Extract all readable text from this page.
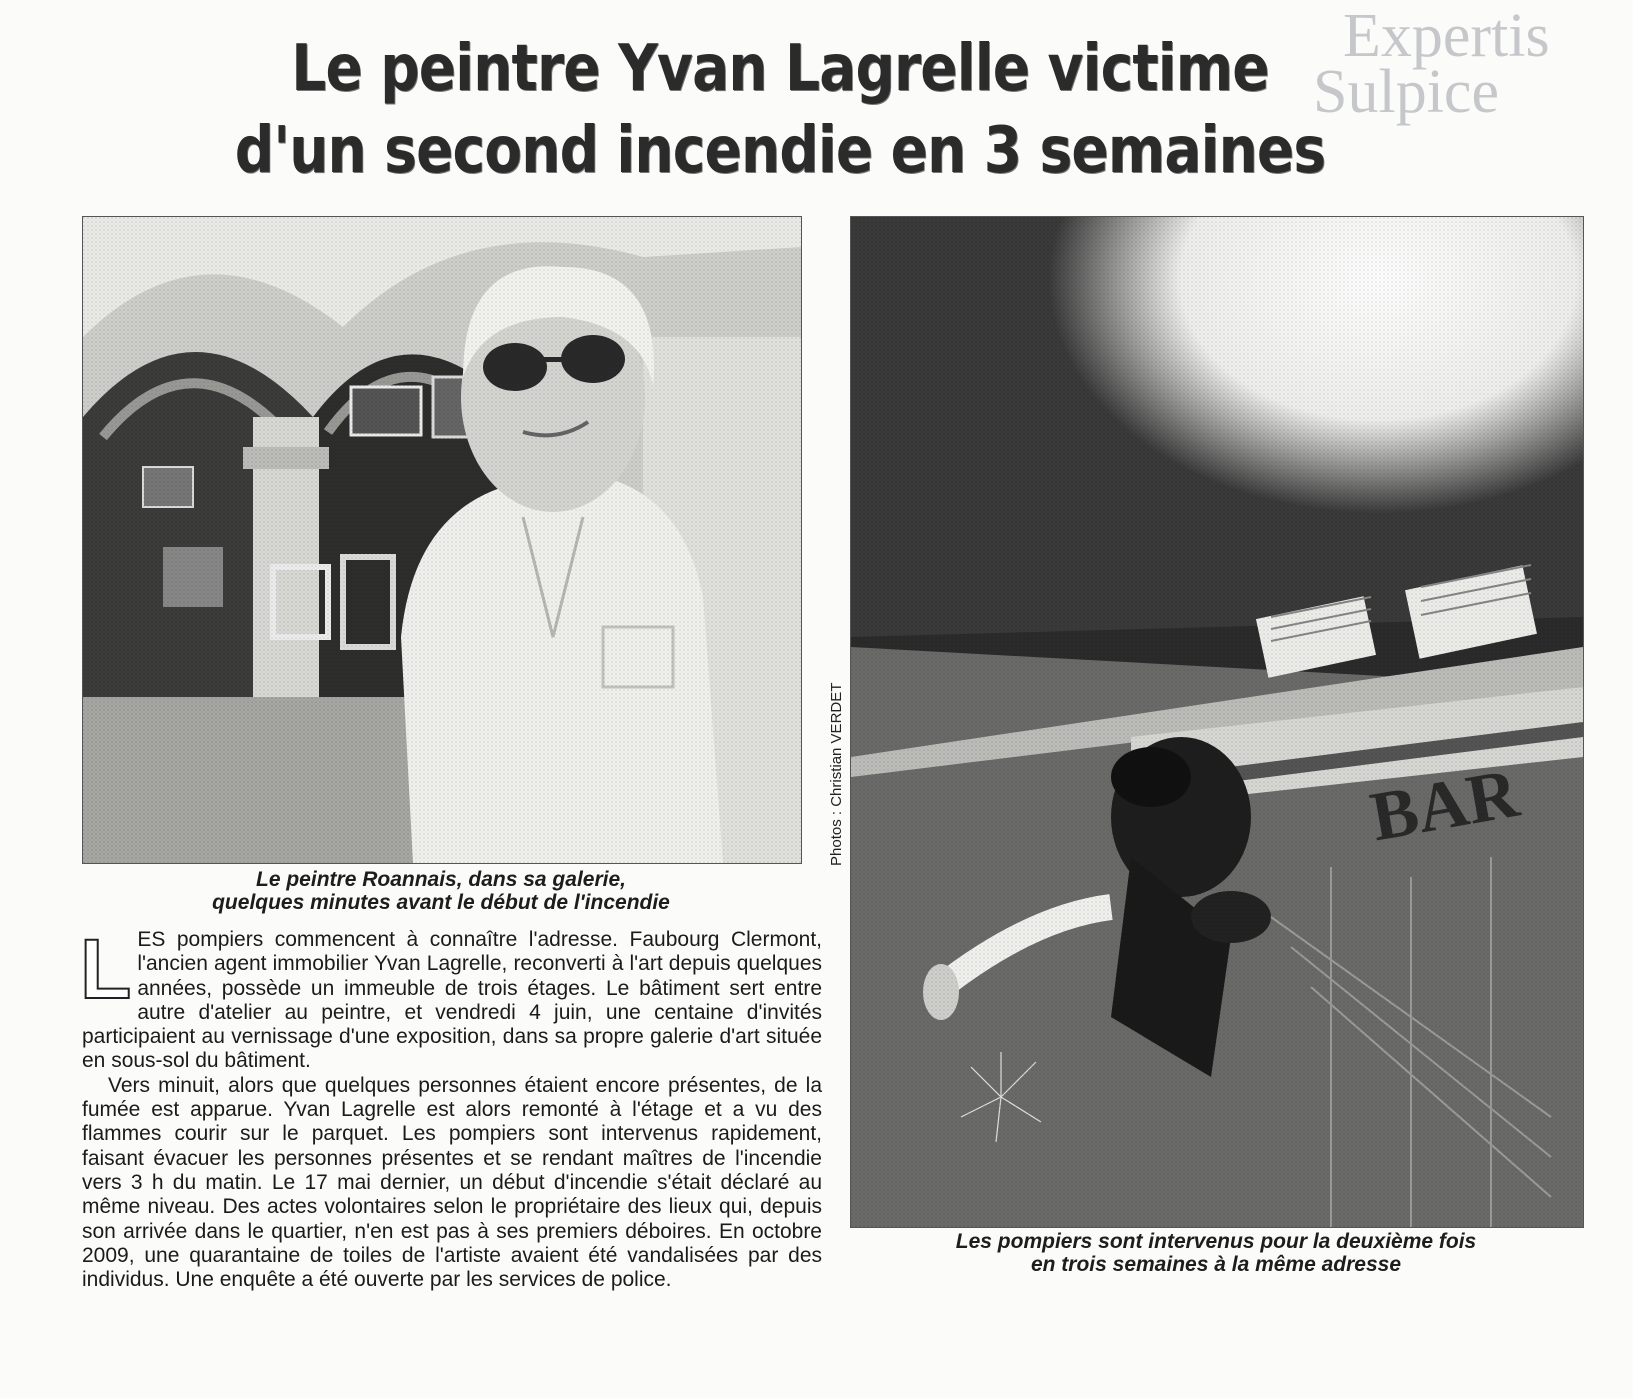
Expertis
Sulpice
Le peintre Yvan Lagrelle victime
d'un second incendie en 3 semaines
Photos : Christian VERDET
Le peintre Roannais, dans sa galerie,
quelques minutes avant le début de l'incendie
Les pompiers sont intervenus pour la deuxième fois
en trois semaines à la même adresse

LES pompiers commencent à connaître l'adresse. Faubourg Clermont, l'ancien agent immobilier Yvan Lagrelle, reconverti à l'art depuis quelques années, possède un immeuble de trois étages. Le bâtiment sert entre autre d'atelier au peintre, et vendredi 4 juin, une centaine d'invités participaient au vernissage d'une exposition, dans sa propre galerie d'art située en sous-sol du bâtiment.

Vers minuit, alors que quelques personnes étaient encore présentes, de la fumée est apparue. Yvan Lagrelle est alors remonté à l'étage et a vu des flammes courir sur le parquet. Les pompiers sont intervenus rapidement, faisant évacuer les personnes présentes et se rendant maîtres de l'incendie vers 3 h du matin. Le 17 mai dernier, un début d'incendie s'était déclaré au même niveau. Des actes volontaires selon le propriétaire des lieux qui, depuis son arrivée dans le quartier, n'en est pas à ses premiers déboires. En octobre 2009, une quarantaine de toiles de l'artiste avaient été vandalisées par des individus. Une enquête a été ouverte par les services de police.
